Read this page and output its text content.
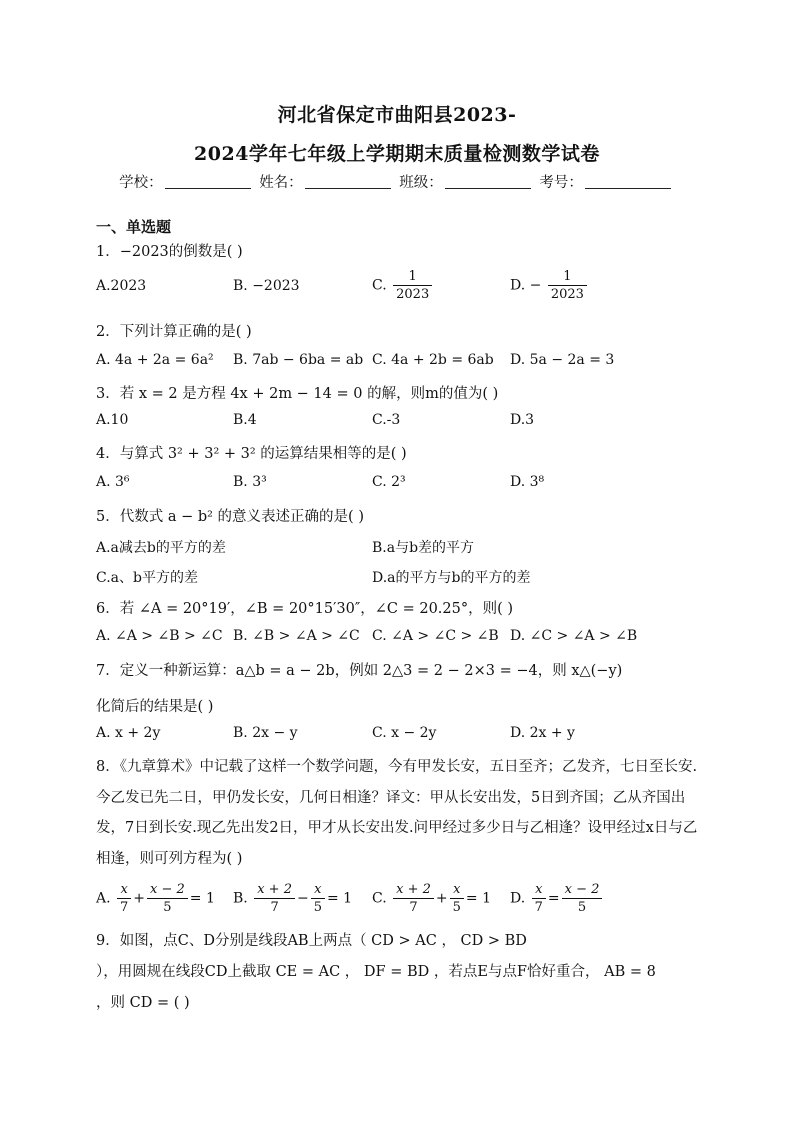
河北省保定市曲阳县2023-
2024学年七年级上学期期末质量检测数学试卷
学校：	姓名：	班级：	考号：
一、单选题
1．−2023的倒数是( )
A.2023	B. −2023	C. $\frac{1}{2023}$	D. − $\frac{1}{2023}$
2．下列计算正确的是( )
A. 4a + 2a = 6a² B. 7ab − 6ba = ab C. 4a + 2b = 6ab D. 5a − 2a = 3
3．若 x = 2 是方程 4x + 2m − 14 = 0 的解，则m的值为( )
A.10	B.4	C.-3	D.3
4．与算式 3² + 3² + 3² 的运算结果相等的是( )
A. 3⁶	B. 3³	C. 2³	D. 3⁸
5．代数式 a − b² 的意义表述正确的是( )
A.a减去b的平方的差	B.a与b差的平方
C.a、b平方的差	D.a的平方与b的平方的差
6．若 ∠A = 20°19′，∠B = 20°15′30″，∠C = 20.25°，则( )
A. ∠A > ∠B > ∠C B. ∠B > ∠A > ∠C C. ∠A > ∠C > ∠B D. ∠C > ∠A > ∠B
7．定义一种新运算：a△b = a − 2b，例如 2△3 = 2 − 2×3 = −4，则 x△(−y)
化简后的结果是( )
A. x + 2y	B. 2x − y	C. x − 2y	D. 2x + y
8．《九章算术》中记载了这样一个数学问题，今有甲发长安，五日至齐；乙发齐，七日至长安.今乙发已先二日，甲仍发长安，几何日相逢？译文：甲从长安出发，5日到齐国；乙从齐国出发，7日到长安.现乙先出发2日，甲才从长安出发.问甲经过多少日与乙相逢？设甲经过x日与乙相逢，则可列方程为( )
A. $\frac{x}{7} + \frac{x - 2}{5} = 1$ B. $\frac{x + 2}{7} - \frac{x}{5} = 1$ C. $\frac{x + 2}{7} + \frac{x}{5} = 1$ D. $\frac{x}{7} = \frac{x - 2}{5}$
9．如图，点C、D分别是线段AB上两点（ CD > AC ， CD > BD
），用圆规在线段CD上截取 CE = AC ， DF = BD ，若点E与点F恰好重合， AB = 8
，则 CD = ( )
